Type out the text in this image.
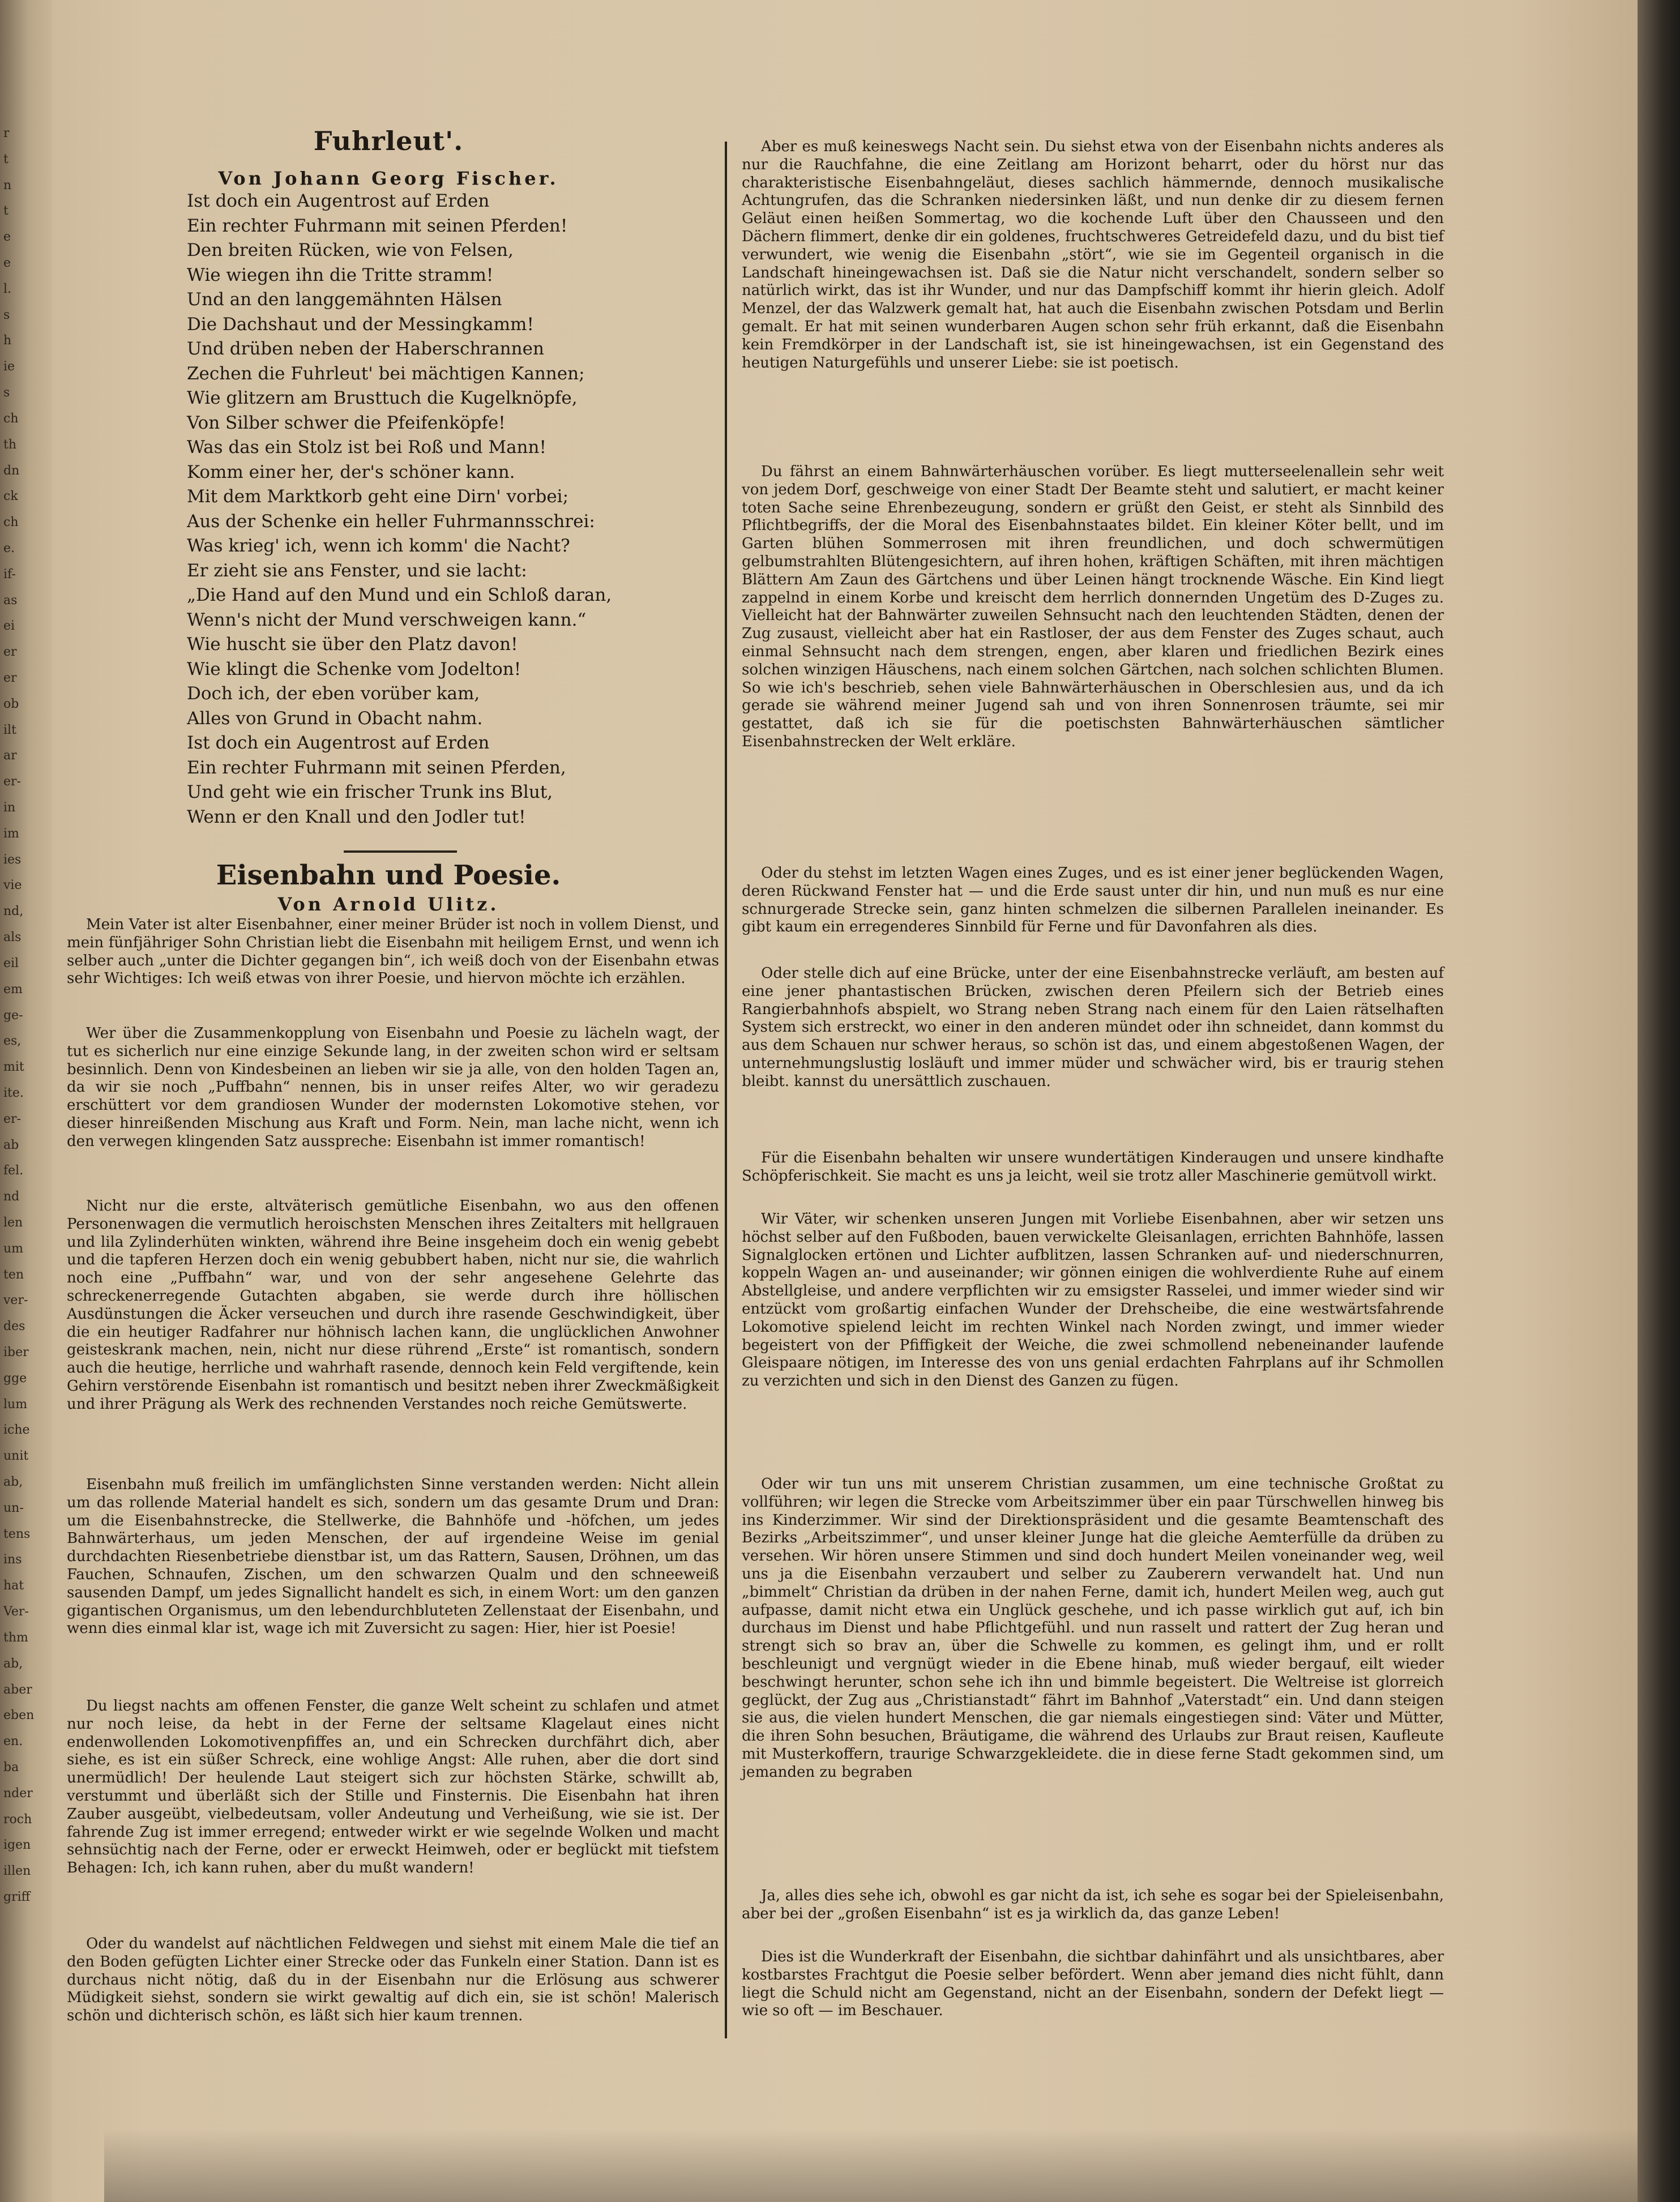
r
t
n
t
e
e
l.
s
h
ie
s
ch
th
dn
ck
ch
e.
if-
as
ei
er
er
ob
ilt
ar
er-
in
im
ies
vie
nd,
als
eil
em
ge-
es,
mit
ite.
er-
ab
fel.
nd
len
um
ten
ver-
des
iber
gge
lum
iche
unit
ab,
un-
tens
ins
hat
Ver-
thm
ab,
aber
eben
en.
ba
nder
roch
igen
illen
griff
Fuhrleut'.
Von Johann Georg Fischer.
Ist doch ein Augentrost auf Erden
Ein rechter Fuhrmann mit seinen Pferden!
Den breiten Rücken, wie von Felsen,
Wie wiegen ihn die Tritte stramm!
Und an den langgemähnten Hälsen
Die Dachshaut und der Messingkamm!
Und drüben neben der Haberschrannen
Zechen die Fuhrleut' bei mächtigen Kannen;
Wie glitzern am Brusttuch die Kugelknöpfe,
Von Silber schwer die Pfeifenköpfe!
Was das ein Stolz ist bei Roß und Mann!
Komm einer her, der's schöner kann.
Mit dem Marktkorb geht eine Dirn' vorbei;
Aus der Schenke ein heller Fuhrmannsschrei:
Was krieg' ich, wenn ich komm' die Nacht?
Er zieht sie ans Fenster, und sie lacht:
„Die Hand auf den Mund und ein Schloß daran,
Wenn's nicht der Mund verschweigen kann.“
Wie huscht sie über den Platz davon!
Wie klingt die Schenke vom Jodelton!
Doch ich, der eben vorüber kam,
Alles von Grund in Obacht nahm.
Ist doch ein Augentrost auf Erden
Ein rechter Fuhrmann mit seinen Pferden,
Und geht wie ein frischer Trunk ins Blut,
Wenn er den Knall und den Jodler tut!
Eisenbahn und Poesie.
Von Arnold Ulitz.
Mein Vater ist alter Eisenbahner, einer meiner Brüder ist noch in vollem Dienst, und mein fünfjähriger Sohn Christian liebt die Eisenbahn mit heiligem Ernst, und wenn ich selber auch „unter die Dichter gegangen bin“, ich weiß doch von der Eisenbahn etwas sehr Wichtiges: Ich weiß etwas von ihrer Poesie, und hiervon möchte ich erzählen.
Wer über die Zusammenkopplung von Eisenbahn und Poesie zu lächeln wagt, der tut es sicherlich nur eine einzige Sekunde lang, in der zweiten schon wird er seltsam besinnlich. Denn von Kindesbeinen an lieben wir sie ja alle, von den holden Tagen an, da wir sie noch „Puffbahn“ nennen, bis in unser reifes Alter, wo wir geradezu erschüttert vor dem grandiosen Wunder der modernsten Lokomotive stehen, vor dieser hinreißenden Mischung aus Kraft und Form. Nein, man lache nicht, wenn ich den verwegen klingenden Satz ausspreche: Eisenbahn ist immer romantisch!
Nicht nur die erste, altväterisch gemütliche Eisenbahn, wo aus den offenen Personenwagen die vermutlich heroischsten Menschen ihres Zeitalters mit hellgrauen und lila Zylinderhüten winkten, während ihre Beine insgeheim doch ein wenig gebebt und die tapferen Herzen doch ein wenig gebubbert haben, nicht nur sie, die wahrlich noch eine „Puffbahn“ war, und von der sehr angesehene Gelehrte das schreckenerregende Gutachten abgaben, sie werde durch ihre höllischen Ausdünstungen die Äcker verseuchen und durch ihre rasende Geschwindigkeit, über die ein heutiger Radfahrer nur höhnisch lachen kann, die unglücklichen Anwohner geisteskrank machen, nein, nicht nur diese rührend „Erste“ ist romantisch, sondern auch die heutige, herrliche und wahrhaft rasende, dennoch kein Feld vergiftende, kein Gehirn verstörende Eisenbahn ist romantisch und besitzt neben ihrer Zweckmäßigkeit und ihrer Prägung als Werk des rechnenden Verstandes noch reiche Gemütswerte.
Eisenbahn muß freilich im umfänglichsten Sinne verstanden werden: Nicht allein um das rollende Material handelt es sich, sondern um das gesamte Drum und Dran: um die Eisenbahnstrecke, die Stellwerke, die Bahnhöfe und -höfchen, um jedes Bahnwärterhaus, um jeden Menschen, der auf irgendeine Weise im genial durchdachten Riesenbetriebe dienstbar ist, um das Rattern, Sausen, Dröhnen, um das Fauchen, Schnaufen, Zischen, um den schwarzen Qualm und den schneeweiß sausenden Dampf, um jedes Signallicht handelt es sich, in einem Wort: um den ganzen gigantischen Organismus, um den lebendurchbluteten Zellenstaat der Eisenbahn, und wenn dies einmal klar ist, wage ich mit Zuversicht zu sagen: Hier, hier ist Poesie!
Du liegst nachts am offenen Fenster, die ganze Welt scheint zu schlafen und atmet nur noch leise, da hebt in der Ferne der seltsame Klagelaut eines nicht endenwollenden Lokomotivenpfiffes an, und ein Schrecken durchfährt dich, aber siehe, es ist ein süßer Schreck, eine wohlige Angst: Alle ruhen, aber die dort sind unermüdlich! Der heulende Laut steigert sich zur höchsten Stärke, schwillt ab, verstummt und überläßt sich der Stille und Finsternis. Die Eisenbahn hat ihren Zauber ausgeübt, vielbedeutsam, voller Andeutung und Verheißung, wie sie ist. Der fahrende Zug ist immer erregend; entweder wirkt er wie segelnde Wolken und macht sehnsüchtig nach der Ferne, oder er erweckt Heimweh, oder er beglückt mit tiefstem Behagen: Ich, ich kann ruhen, aber du mußt wandern!
Oder du wandelst auf nächtlichen Feldwegen und siehst mit einem Male die tief an den Boden gefügten Lichter einer Strecke oder das Funkeln einer Station. Dann ist es durchaus nicht nötig, daß du in der Eisenbahn nur die Erlösung aus schwerer Müdigkeit siehst, sondern sie wirkt gewaltig auf dich ein, sie ist schön! Malerisch schön und dichterisch schön, es läßt sich hier kaum trennen.
Aber es muß keineswegs Nacht sein. Du siehst etwa von der Eisenbahn nichts anderes als nur die Rauchfahne, die eine Zeitlang am Horizont beharrt, oder du hörst nur das charakteristische Eisenbahngeläut, dieses sachlich hämmernde, dennoch musikalische Achtungrufen, das die Schranken niedersinken läßt, und nun denke dir zu diesem fernen Geläut einen heißen Sommertag, wo die kochende Luft über den Chausseen und den Dächern flimmert, denke dir ein goldenes, fruchtschweres Getreidefeld dazu, und du bist tief verwundert, wie wenig die Eisenbahn „stört“, wie sie im Gegenteil organisch in die Landschaft hineingewachsen ist. Daß sie die Natur nicht verschandelt, sondern selber so natürlich wirkt, das ist ihr Wunder, und nur das Dampfschiff kommt ihr hierin gleich. Adolf Menzel, der das Walzwerk gemalt hat, hat auch die Eisenbahn zwischen Potsdam und Berlin gemalt. Er hat mit seinen wunderbaren Augen schon sehr früh erkannt, daß die Eisenbahn kein Fremdkörper in der Landschaft ist, sie ist hineingewachsen, ist ein Gegenstand des heutigen Naturgefühls und unserer Liebe: sie ist poetisch.
Du fährst an einem Bahnwärterhäuschen vorüber. Es liegt mutterseelenallein sehr weit von jedem Dorf, geschweige von einer Stadt Der Beamte steht und salutiert, er macht keiner toten Sache seine Ehrenbezeugung, sondern er grüßt den Geist, er steht als Sinnbild des Pflichtbegriffs, der die Moral des Eisenbahnstaates bildet. Ein kleiner Köter bellt, und im Garten blühen Sommerrosen mit ihren freundlichen, und doch schwermütigen gelbumstrahlten Blütengesichtern, auf ihren hohen, kräftigen Schäften, mit ihren mächtigen Blättern Am Zaun des Gärtchens und über Leinen hängt trocknende Wäsche. Ein Kind liegt zappelnd in einem Korbe und kreischt dem herrlich donnernden Ungetüm des D-Zuges zu. Vielleicht hat der Bahnwärter zuweilen Sehnsucht nach den leuchtenden Städten, denen der Zug zusaust, vielleicht aber hat ein Rastloser, der aus dem Fenster des Zuges schaut, auch einmal Sehnsucht nach dem strengen, engen, aber klaren und friedlichen Bezirk eines solchen winzigen Häuschens, nach einem solchen Gärtchen, nach solchen schlichten Blumen. So wie ich's beschrieb, sehen viele Bahnwärterhäuschen in Oberschlesien aus, und da ich gerade sie während meiner Jugend sah und von ihren Sonnenrosen träumte, sei mir gestattet, daß ich sie für die poetischsten Bahnwärterhäuschen sämtlicher Eisenbahnstrecken der Welt erkläre.
Oder du stehst im letzten Wagen eines Zuges, und es ist einer jener beglückenden Wagen, deren Rückwand Fenster hat — und die Erde saust unter dir hin, und nun muß es nur eine schnurgerade Strecke sein, ganz hinten schmelzen die silbernen Parallelen ineinander. Es gibt kaum ein erregenderes Sinnbild für Ferne und für Davonfahren als dies.
Oder stelle dich auf eine Brücke, unter der eine Eisenbahnstrecke verläuft, am besten auf eine jener phantastischen Brücken, zwischen deren Pfeilern sich der Betrieb eines Rangierbahnhofs abspielt, wo Strang neben Strang nach einem für den Laien rätselhaften System sich erstreckt, wo einer in den anderen mündet oder ihn schneidet, dann kommst du aus dem Schauen nur schwer heraus, so schön ist das, und einem abgestoßenen Wagen, der unternehmungslustig losläuft und immer müder und schwächer wird, bis er traurig stehen bleibt. kannst du unersättlich zuschauen.
Für die Eisenbahn behalten wir unsere wundertätigen Kinderaugen und unsere kindhafte Schöpferischkeit. Sie macht es uns ja leicht, weil sie trotz aller Maschinerie gemütvoll wirkt.
Wir Väter, wir schenken unseren Jungen mit Vorliebe Eisenbahnen, aber wir setzen uns höchst selber auf den Fußboden, bauen verwickelte Gleisanlagen, errichten Bahnhöfe, lassen Signalglocken ertönen und Lichter aufblitzen, lassen Schranken auf- und niederschnurren, koppeln Wagen an- und auseinander; wir gönnen einigen die wohlverdiente Ruhe auf einem Abstellgleise, und andere verpflichten wir zu emsigster Rasselei, und immer wieder sind wir entzückt vom großartig einfachen Wunder der Drehscheibe, die eine westwärtsfahrende Lokomotive spielend leicht im rechten Winkel nach Norden zwingt, und immer wieder begeistert von der Pfiffigkeit der Weiche, die zwei schmollend nebeneinander laufende Gleispaare nötigen, im Interesse des von uns genial erdachten Fahrplans auf ihr Schmollen zu verzichten und sich in den Dienst des Ganzen zu fügen.
Oder wir tun uns mit unserem Christian zusammen, um eine technische Großtat zu vollführen; wir legen die Strecke vom Arbeitszimmer über ein paar Türschwellen hinweg bis ins Kinderzimmer. Wir sind der Direktionspräsident und die gesamte Beamtenschaft des Bezirks „Arbeitszimmer“, und unser kleiner Junge hat die gleiche Aemterfülle da drüben zu versehen. Wir hören unsere Stimmen und sind doch hundert Meilen voneinander weg, weil uns ja die Eisenbahn verzaubert und selber zu Zauberern verwandelt hat. Und nun „bimmelt“ Christian da drüben in der nahen Ferne, damit ich, hundert Meilen weg, auch gut aufpasse, damit nicht etwa ein Unglück geschehe, und ich passe wirklich gut auf, ich bin durchaus im Dienst und habe Pflichtgefühl. und nun rasselt und rattert der Zug heran und strengt sich so brav an, über die Schwelle zu kommen, es gelingt ihm, und er rollt beschleunigt und vergnügt wieder in die Ebene hinab, muß wieder bergauf, eilt wieder beschwingt herunter, schon sehe ich ihn und bimmle begeistert. Die Weltreise ist glorreich geglückt, der Zug aus „Christianstadt“ fährt im Bahnhof „Vaterstadt“ ein. Und dann steigen sie aus, die vielen hundert Menschen, die gar niemals eingestiegen sind: Väter und Mütter, die ihren Sohn besuchen, Bräutigame, die während des Urlaubs zur Braut reisen, Kaufleute mit Musterkoffern, traurige Schwarzgekleidete. die in diese ferne Stadt gekommen sind, um jemanden zu begraben
Ja, alles dies sehe ich, obwohl es gar nicht da ist, ich sehe es sogar bei der Spieleisenbahn, aber bei der „großen Eisenbahn“ ist es ja wirklich da, das ganze Leben!
Dies ist die Wunderkraft der Eisenbahn, die sichtbar dahinfährt und als unsichtbares, aber kostbarstes Frachtgut die Poesie selber befördert. Wenn aber jemand dies nicht fühlt, dann liegt die Schuld nicht am Gegenstand, nicht an der Eisenbahn, sondern der Defekt liegt — wie so oft — im Beschauer.
